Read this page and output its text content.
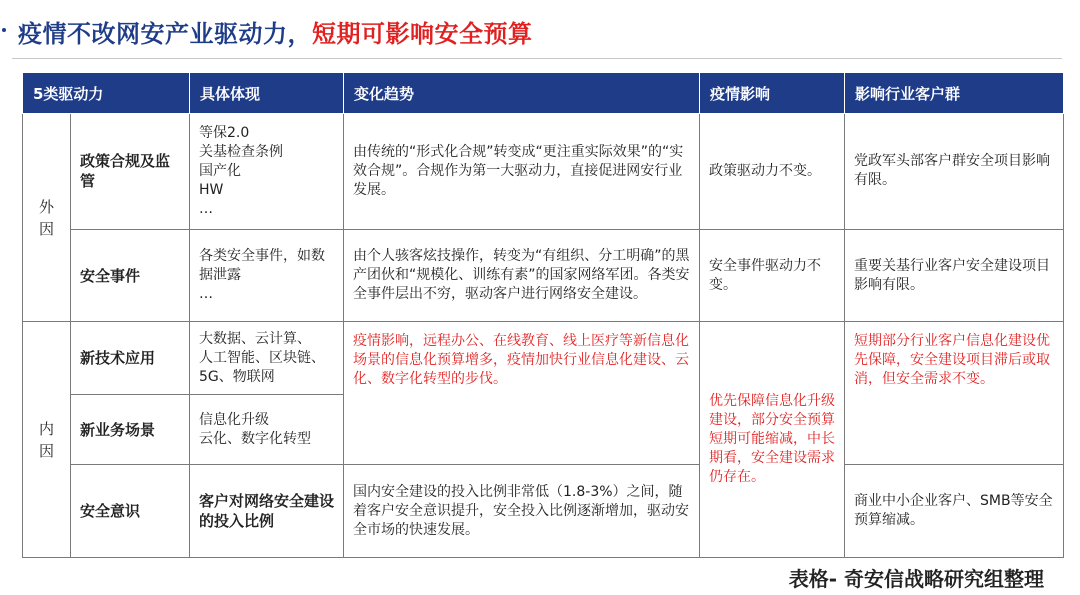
疫情不改网安产业驱动力，短期可影响安全预算
5类驱动力		具体体现	变化趋势	疫情影响	影响行业客户群

外
因	政策合规及监管	等保2.0
关基检查条例
国产化
HW
…	由传统的“形式化合规”转变成“更注重实际效果”的“实效合规”。合规作为第一大驱动力，直接促进网安行业发展。	政策驱动力不变。	党政军头部客户群安全项目影响有限。
	安全事件	各类安全事件，如数据泄露
…	由个人骇客炫技操作，转变为“有组织、分工明确”的黑产团伙和“规模化、训练有素”的国家网络军团。各类安全事件层出不穷，驱动客户进行网络安全建设。	安全事件驱动力不变。	重要关基行业客户安全建设项目影响有限。

内
因	新技术应用	大数据、云计算、
人工智能、区块链、
5G、物联网	疫情影响，远程办公、在线教育、线上医疗等新信息化场景的信息化预算增多，疫情加快行业信息化建设、云化、数字化转型的步伐。	优先保障信息化升级建设，部分安全预算短期可能缩减，中长期看，安全建设需求仍存在。	短期部分行业客户信息化建设优先保障，安全建设项目滞后或取消，但安全需求不变。
	新业务场景	信息化升级
云化、数字化转型			
	安全意识	客户对网络安全建设的投入比例	国内安全建设的投入比例非常低（1.8-3%）之间，随着客户安全意识提升，安全投入比例逐渐增加，驱动安全市场的快速发展。		商业中小企业客户、SMB等安全预算缩减。
表格- 奇安信战略研究组整理
